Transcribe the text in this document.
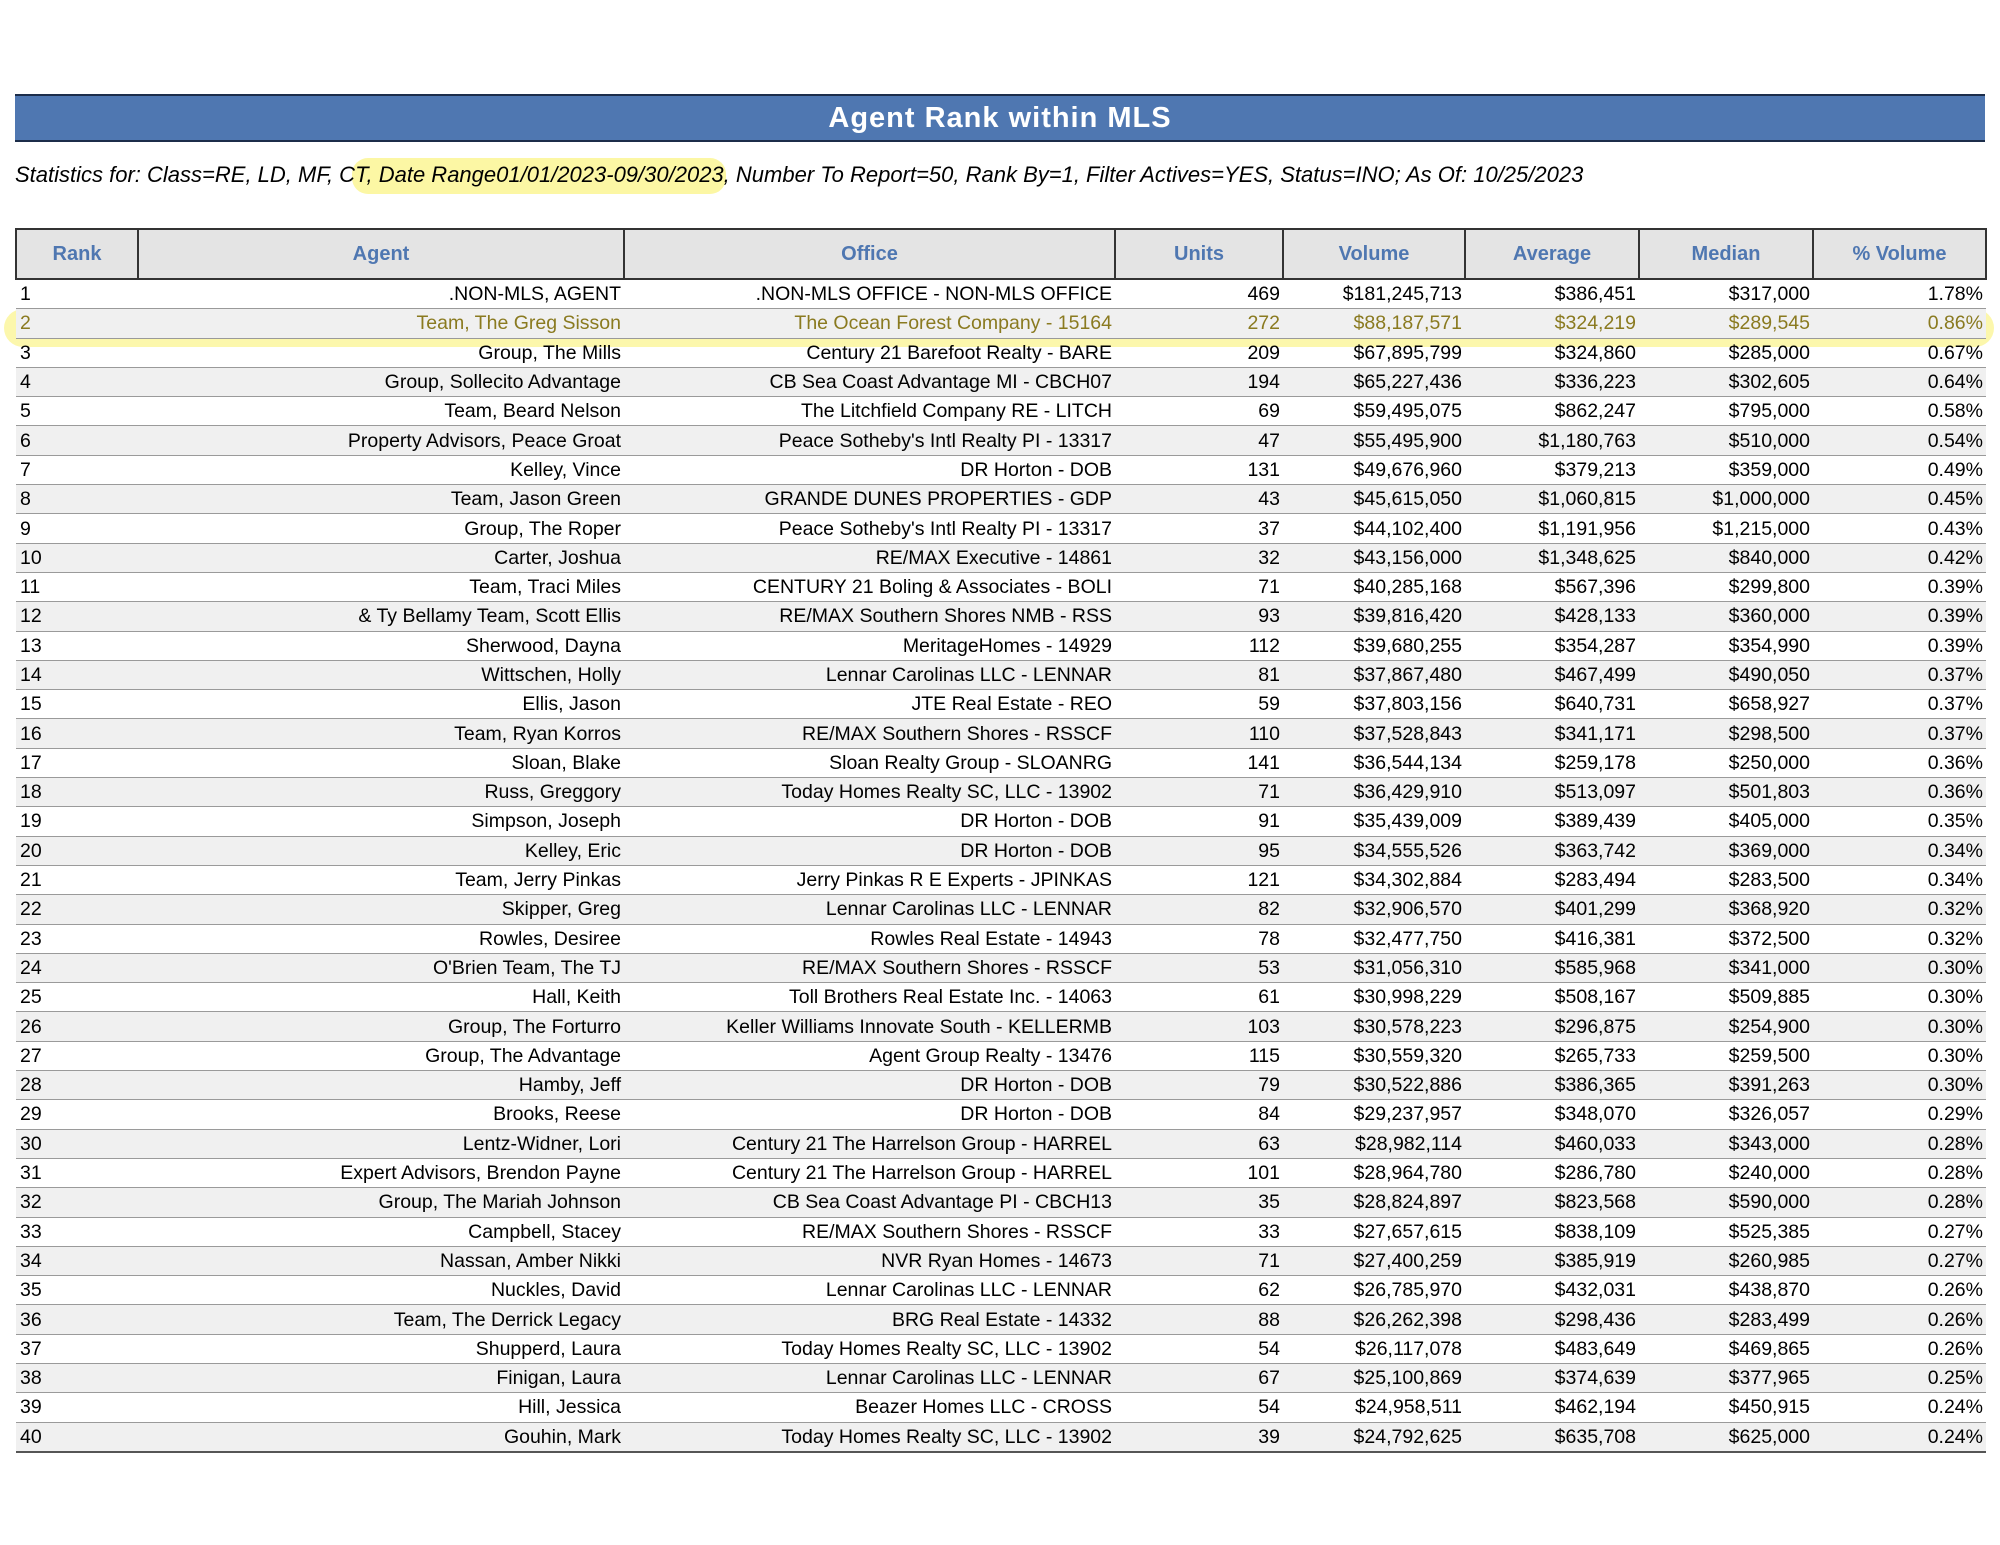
Agent Rank within MLS
Statistics for: Class=RE, LD, MF, CT, Date Range01/01/2023-09/30/2023, Number To Report=50, Rank By=1, Filter Actives=YES, Status=INO; As Of: 10/25/2023
Rank	Agent	Office	Units	Volume	Average	Median	% Volume
1	.NON-MLS, AGENT	.NON-MLS OFFICE - NON-MLS OFFICE	469	$181,245,713	$386,451	$317,000	1.78%
2	Team, The Greg Sisson	The Ocean Forest Company - 15164	272	$88,187,571	$324,219	$289,545	0.86%
3	Group, The Mills	Century 21 Barefoot Realty - BARE	209	$67,895,799	$324,860	$285,000	0.67%
4	Group, Sollecito Advantage	CB Sea Coast Advantage MI - CBCH07	194	$65,227,436	$336,223	$302,605	0.64%
5	Team, Beard Nelson	The Litchfield Company RE - LITCH	69	$59,495,075	$862,247	$795,000	0.58%
6	Property Advisors, Peace Groat	Peace Sotheby's Intl Realty PI - 13317	47	$55,495,900	$1,180,763	$510,000	0.54%
7	Kelley, Vince	DR Horton - DOB	131	$49,676,960	$379,213	$359,000	0.49%
8	Team, Jason Green	GRANDE DUNES PROPERTIES - GDP	43	$45,615,050	$1,060,815	$1,000,000	0.45%
9	Group, The Roper	Peace Sotheby's Intl Realty PI - 13317	37	$44,102,400	$1,191,956	$1,215,000	0.43%
10	Carter, Joshua	RE/MAX Executive - 14861	32	$43,156,000	$1,348,625	$840,000	0.42%
11	Team, Traci Miles	CENTURY 21 Boling & Associates - BOLI	71	$40,285,168	$567,396	$299,800	0.39%
12	& Ty Bellamy Team, Scott Ellis	RE/MAX Southern Shores NMB - RSS	93	$39,816,420	$428,133	$360,000	0.39%
13	Sherwood, Dayna	MeritageHomes - 14929	112	$39,680,255	$354,287	$354,990	0.39%
14	Wittschen, Holly	Lennar Carolinas LLC - LENNAR	81	$37,867,480	$467,499	$490,050	0.37%
15	Ellis, Jason	JTE Real Estate - REO	59	$37,803,156	$640,731	$658,927	0.37%
16	Team, Ryan Korros	RE/MAX Southern Shores - RSSCF	110	$37,528,843	$341,171	$298,500	0.37%
17	Sloan, Blake	Sloan Realty Group - SLOANRG	141	$36,544,134	$259,178	$250,000	0.36%
18	Russ, Greggory	Today Homes Realty SC, LLC - 13902	71	$36,429,910	$513,097	$501,803	0.36%
19	Simpson, Joseph	DR Horton - DOB	91	$35,439,009	$389,439	$405,000	0.35%
20	Kelley, Eric	DR Horton - DOB	95	$34,555,526	$363,742	$369,000	0.34%
21	Team, Jerry Pinkas	Jerry Pinkas R E Experts - JPINKAS	121	$34,302,884	$283,494	$283,500	0.34%
22	Skipper, Greg	Lennar Carolinas LLC - LENNAR	82	$32,906,570	$401,299	$368,920	0.32%
23	Rowles, Desiree	Rowles Real Estate - 14943	78	$32,477,750	$416,381	$372,500	0.32%
24	O'Brien Team, The TJ	RE/MAX Southern Shores - RSSCF	53	$31,056,310	$585,968	$341,000	0.30%
25	Hall, Keith	Toll Brothers Real Estate Inc. - 14063	61	$30,998,229	$508,167	$509,885	0.30%
26	Group, The Forturro	Keller Williams Innovate South - KELLERMB	103	$30,578,223	$296,875	$254,900	0.30%
27	Group, The Advantage	Agent Group Realty - 13476	115	$30,559,320	$265,733	$259,500	0.30%
28	Hamby, Jeff	DR Horton - DOB	79	$30,522,886	$386,365	$391,263	0.30%
29	Brooks, Reese	DR Horton - DOB	84	$29,237,957	$348,070	$326,057	0.29%
30	Lentz-Widner, Lori	Century 21 The Harrelson Group - HARREL	63	$28,982,114	$460,033	$343,000	0.28%
31	Expert Advisors, Brendon Payne	Century 21 The Harrelson Group - HARREL	101	$28,964,780	$286,780	$240,000	0.28%
32	Group, The Mariah Johnson	CB Sea Coast Advantage PI - CBCH13	35	$28,824,897	$823,568	$590,000	0.28%
33	Campbell, Stacey	RE/MAX Southern Shores - RSSCF	33	$27,657,615	$838,109	$525,385	0.27%
34	Nassan, Amber Nikki	NVR Ryan Homes - 14673	71	$27,400,259	$385,919	$260,985	0.27%
35	Nuckles, David	Lennar Carolinas LLC - LENNAR	62	$26,785,970	$432,031	$438,870	0.26%
36	Team, The Derrick Legacy	BRG Real Estate - 14332	88	$26,262,398	$298,436	$283,499	0.26%
37	Shupperd, Laura	Today Homes Realty SC, LLC - 13902	54	$26,117,078	$483,649	$469,865	0.26%
38	Finigan, Laura	Lennar Carolinas LLC - LENNAR	67	$25,100,869	$374,639	$377,965	0.25%
39	Hill, Jessica	Beazer Homes LLC - CROSS	54	$24,958,511	$462,194	$450,915	0.24%
40	Gouhin, Mark	Today Homes Realty SC, LLC - 13902	39	$24,792,625	$635,708	$625,000	0.24%
